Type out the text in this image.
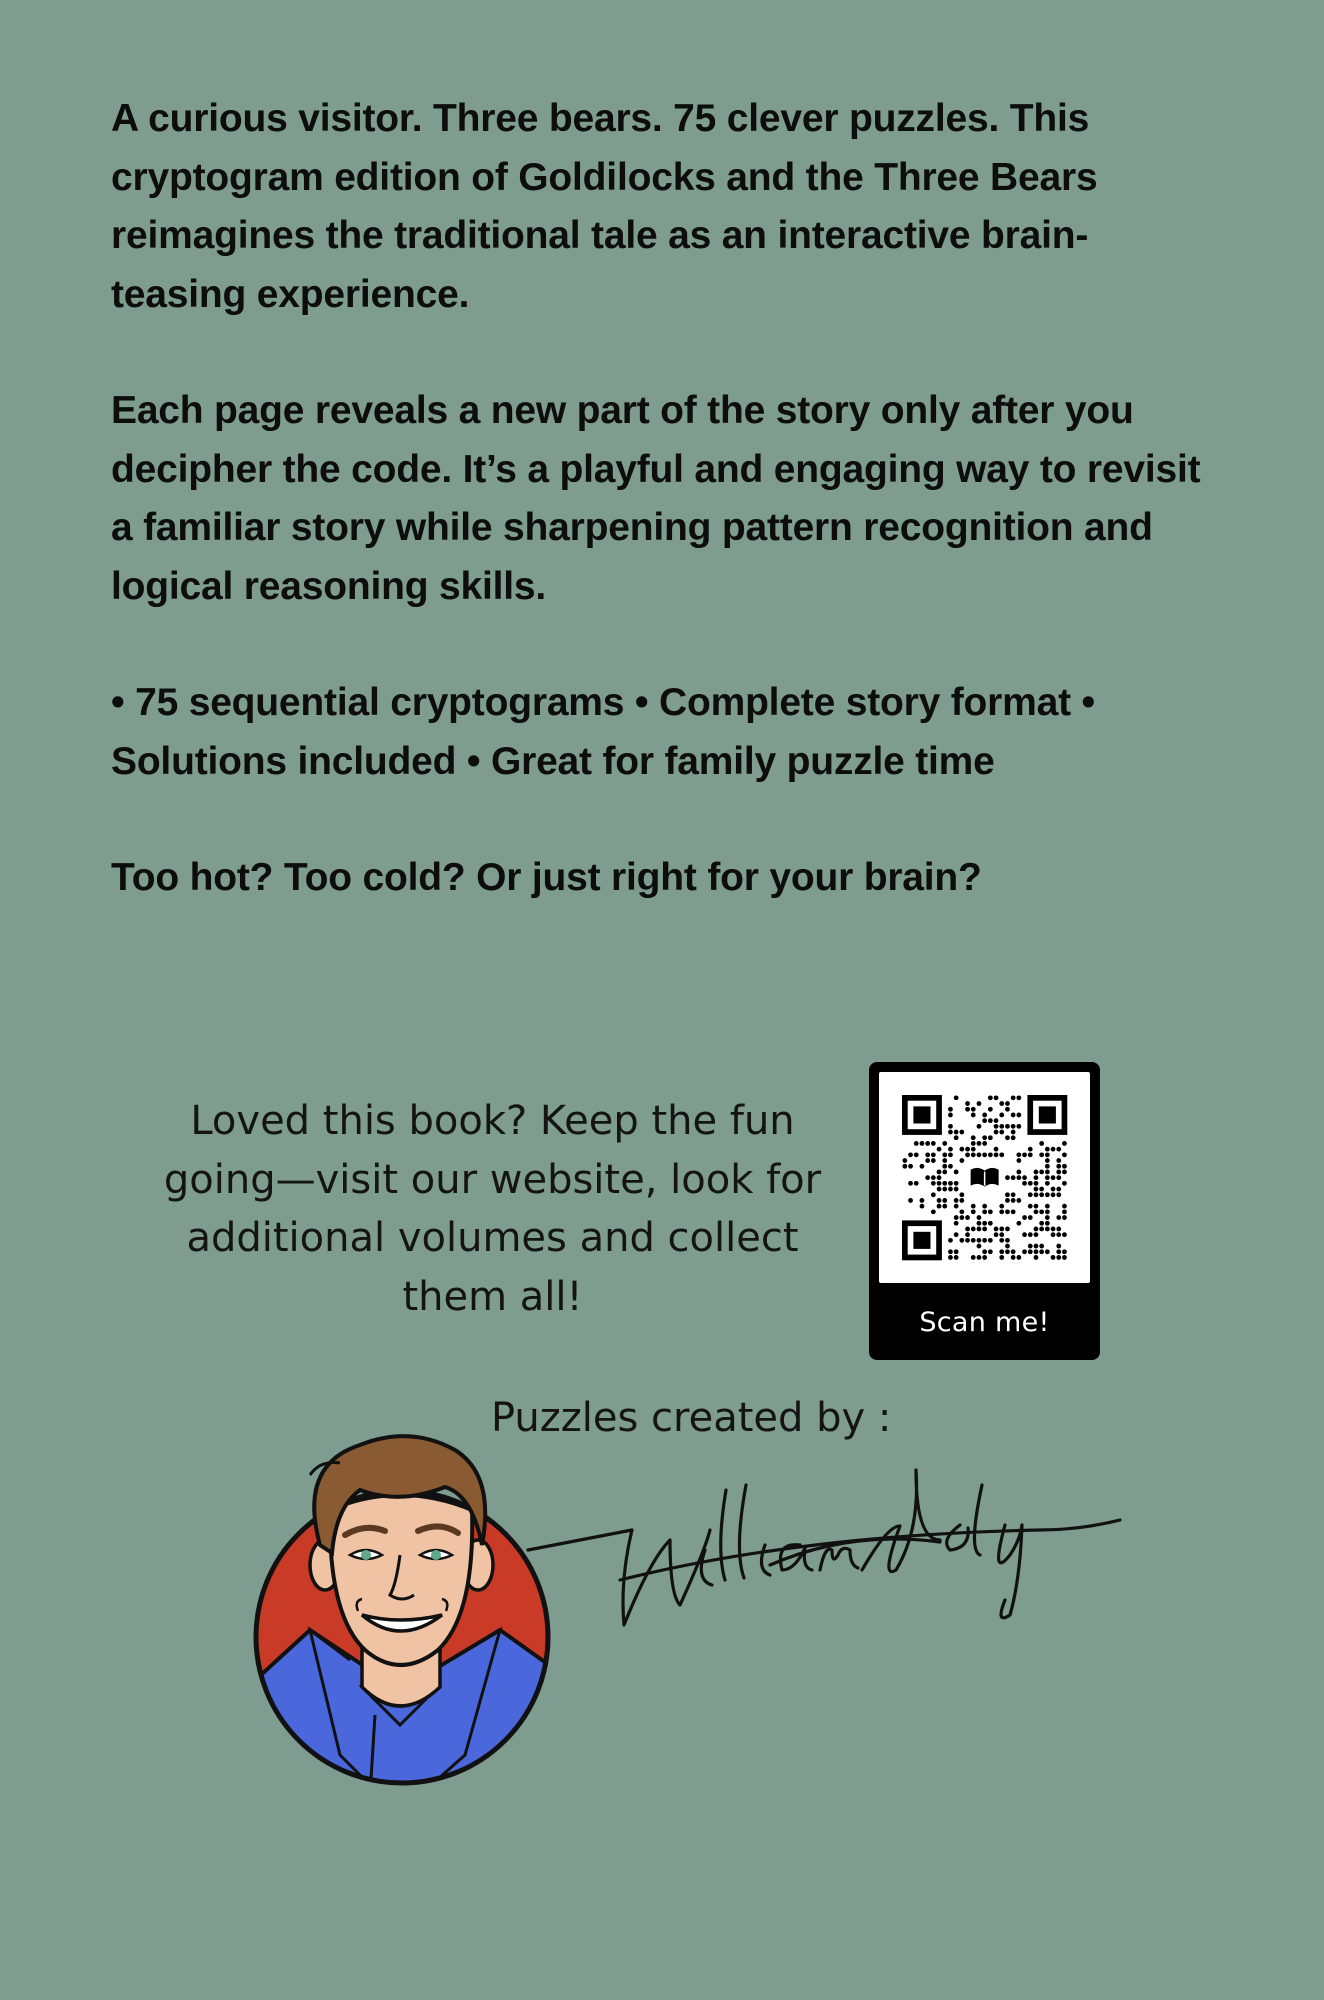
A curious visitor. Three bears. 75 clever puzzles. This cryptogram edition of Goldilocks and the Three Bears reimagines the traditional tale as an interactive brain-teasing experience.

Each page reveals a new part of the story only after you decipher the code. It’s a playful and engaging way to revisit a familiar story while sharpening pattern recognition and logical reasoning skills.

• 75 sequential cryptograms • Complete story format • Solutions included • Great for family puzzle time

Too hot? Too cold? Or just right for your brain?

Loved this book? Keep the fun going—visit our website, look for additional volumes and collect them all!
Scan me!
Puzzles created by :
